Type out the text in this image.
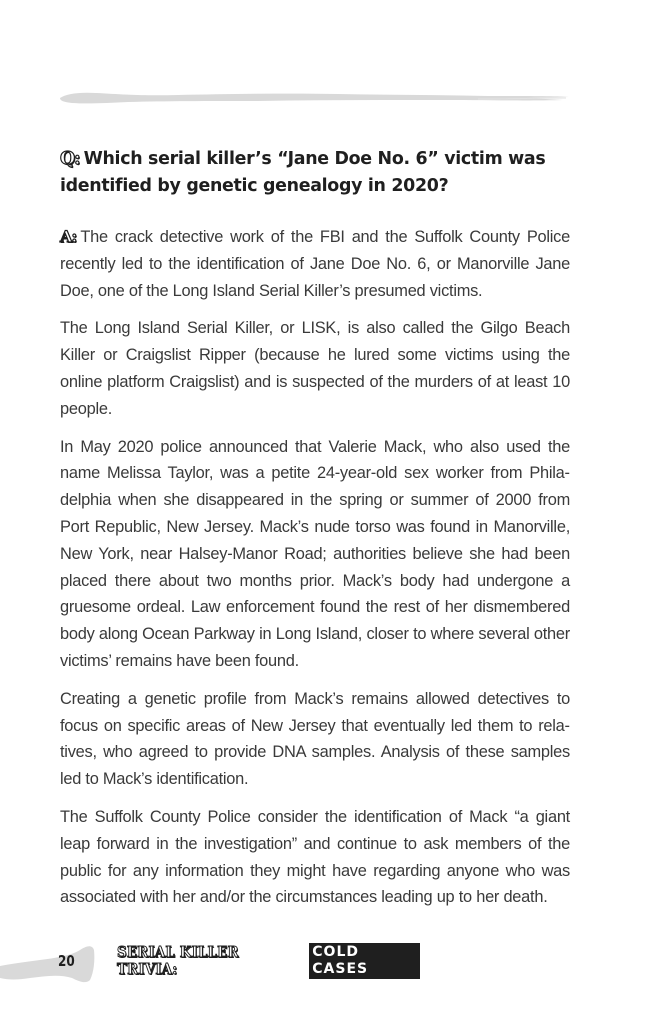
Q: Which serial killer’s “Jane Doe No. 6” victim was identified by genetic genealogy in 2020?

A: The crack detective work of the FBI and the Suffolk County Police recently led to the identification of Jane Doe No. 6, or Manorville Jane Doe, one of the Long Island Serial Killer’s presumed victims.

The Long Island Serial Killer, or LISK, is also called the Gilgo Beach Killer or Craigslist Ripper (because he lured some victims using the online platform Craigslist) and is suspected of the murders of at least 10 people.

In May 2020 police announced that Valerie Mack, who also used the name Melissa Taylor, was a petite 24-year-old sex worker from Philadelphia when she disappeared in the spring or summer of 2000 from Port Republic, New Jersey. Mack’s nude torso was found in Manorville, New York, near Halsey-Manor Road; authorities believe she had been placed there about two months prior. Mack’s body had undergone a gruesome ordeal. Law enforcement found the rest of her dismembered body along Ocean Parkway in Long Island, closer to where several other victims’ remains have been found.

Creating a genetic profile from Mack’s remains allowed detectives to focus on specific areas of New Jersey that eventually led them to relatives, who agreed to provide DNA samples. Analysis of these samples led to Mack’s identification.

The Suffolk County Police consider the identification of Mack “a giant leap forward in the investigation” and continue to ask members of the public for any information they might have regarding anyone who was associated with her and/or the circumstances leading up to her death.

20	SERIAL KILLER TRIVIA:
COLD CASES
